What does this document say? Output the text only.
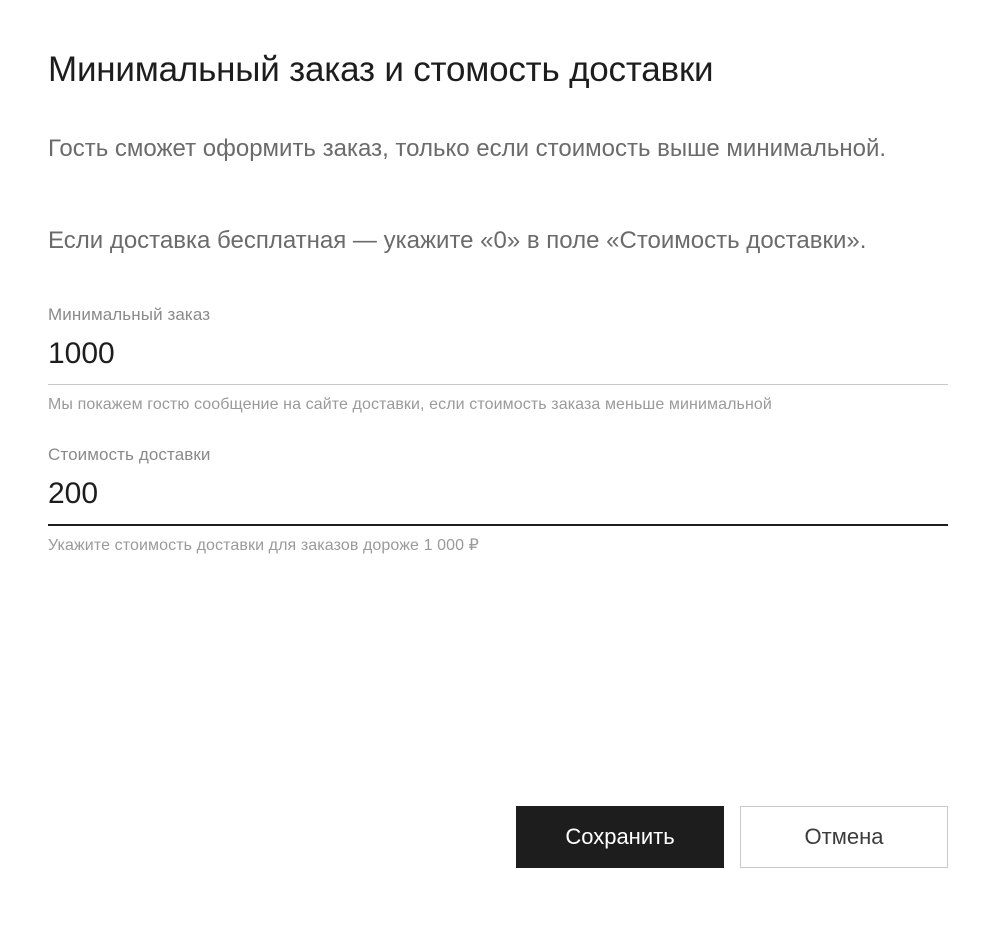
Минимальный заказ и стомость доставки

Гость сможет оформить заказ, только если стоимость выше минимальной.

Если доставка бесплатная — укажите «0» в поле «Стоимость доставки».

Минимальный заказ
1000
Мы покажем гостю сообщение на сайте доставки, если стоимость заказа меньше минимальной
Стоимость доставки
200
Укажите стоимость доставки для заказов дороже 1 000 ₽
Сохранить	Отмена
